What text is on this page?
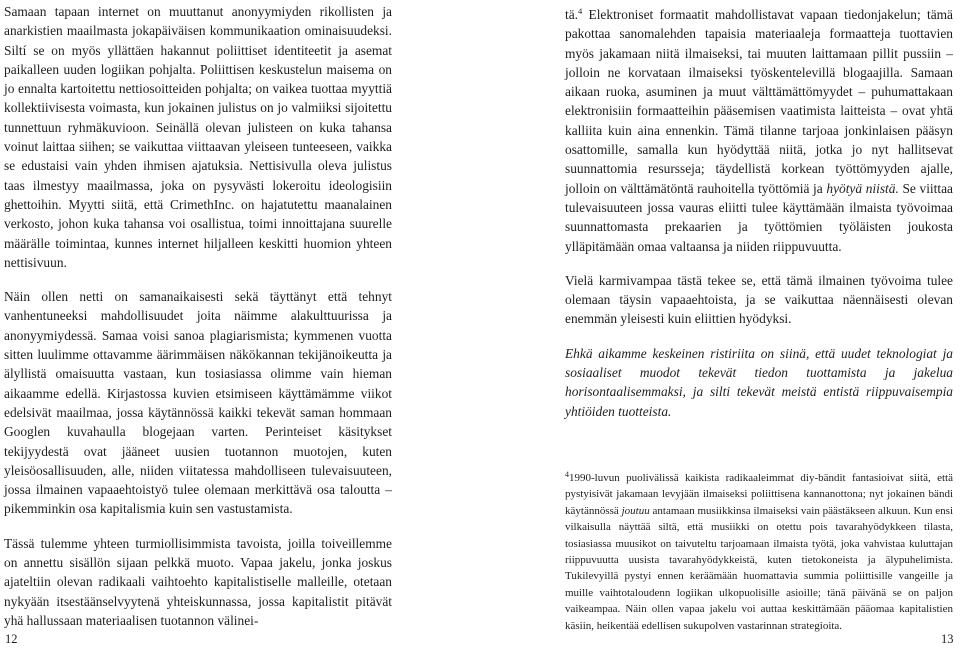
Samaan tapaan internet on muuttanut anonyymiyden rikollisten ja anarkistien maailmasta jokapäiväisen kommunikaation ominaisuudeksi. Siltí se on myös yllättäen hakannut poliittiset identiteetit ja asemat paikalleen uuden logiikan pohjalta. Poliittisen keskustelun maisema on jo ennalta kartoitettu nettiosoitteiden pohjalta; on vaikea tuottaa myyttiä kollektiivisesta voimasta, kun jokainen julistus on jo valmiiksi sijoitettu tunnettuun ryhmäkuvioon. Seinällä olevan julisteen on kuka tahansa voinut laittaa siihen; se vaikuttaa viittaavan yleiseen tunteeseen, vaikka se edustaisi vain yhden ihmisen ajatuksia. Nettisivulla oleva julistus taas ilmestyy maailmassa, joka on pysyvästi lokeroitu ideologisiin ghettoihin. Myytti siitä, että CrimethInc. on hajatutettu maanalainen verkosto, johon kuka tahansa voi osallistua, toimi innoittajana suurelle määrälle toimintaa, kunnes internet hiljalleen keskitti huomion yhteen nettisivuun.

Näin ollen netti on samanaikaisesti sekä täyttänyt että tehnyt vanhentuneeksi mahdollisuudet joita näimme alakulttuurissa ja anonyymiydessä. Samaa voisi sanoa plagiarismista; kymmenen vuotta sitten luulimme ottavamme äärimmäisen näkökannan tekijänoikeutta ja älyllistä omaisuutta vastaan, kun tosiasiassa olimme vain hieman aikaamme edellä. Kirjastossa kuvien etsimiseen käyttämämme viikot edelsivät maailmaa, jossa käytännössä kaikki tekevät saman hommaan Googlen kuvahaulla blogejaan varten. Perinteiset käsitykset tekijyydestä ovat jääneet uusien tuotannon muotojen, kuten yleisöosallisuuden, alle, niiden viitatessa mahdolliseen tulevaisuuteen, jossa ilmainen vapaaehtoistyö tulee olemaan merkittävä osa taloutta – pikemminkin osa kapitalismia kuin sen vastustamista.

Tässä tulemme yhteen turmiollisimmista tavoista, joilla toiveillemme on annettu sisällön sijaan pelkkä muoto. Vapaa jakelu, jonka joskus ajateltiin olevan radikaali vaihtoehto kapitalistiselle malleille, otetaan nykyään itsestäänselvyytenä yhteiskunnassa, jossa kapitalistit pitävät yhä hallussaan materiaalisen tuotannon välinei-

tä.$^4$ Elektroniset formaatit mahdollistavat vapaan tiedonjakelun; tämä pakottaa sanomalehden tapaisia materiaaleja formaatteja tuottavien myös jakamaan niitä ilmaiseksi, tai muuten laittamaan pillit pussiin – jolloin ne korvataan ilmaiseksi työskentelevillä blogaajilla. Samaan aikaan ruoka, asuminen ja muut välttämättömyydet – puhumattakaan elektronisiin formaatteihin pääsemisen vaatimista laitteista – ovat yhtä kalliita kuin aina ennenkin. Tämä tilanne tarjoaa jonkinlaisen pääsyn osattomille, samalla kun hyödyttää niitä, jotka jo nyt hallitsevat suunnattomia resursseja; täydellistä korkean työttömyyden ajalle, jolloin on välttämätöntä rauhoitella työttömiä ja hyötyä niistä. Se viittaa tulevaisuuteen jossa vauras eliitti tulee käyttämään ilmaista työvoimaa suunnattomasta prekaarien ja työttömien työläisten joukosta ylläpitämään omaa valtaansa ja niiden riippuvuutta.

Vielä karmivampaa tästä tekee se, että tämä ilmainen työvoima tulee olemaan täysin vapaaehtoista, ja se vaikuttaa näennäisesti olevan enemmän yleisesti kuin eliittien hyödyksi.

Ehkä aikamme keskeinen ristiriita on siinä, että uudet teknologiat ja sosiaaliset muodot tekevät tiedon tuottamista ja jakelua horisontaalisemmaksi, ja silti tekevät meistä entistä riippuvaisempia yhtiöiden tuotteista.

$^4$1990-luvun puolivälissä kaikista radikaaleimmat diy-bändit fantasioivat siitä, että pystyisivät jakamaan levyjään ilmaiseksi poliittisena kannanottona; nyt jokainen bändi käytännössä joutuu antamaan musiikkinsa ilmaiseksi vain päästäkseen alkuun. Kun ensi vilkaisulla näyttää siltä, että musiikki on otettu pois tavarahyödykkeen tilasta, tosiasiassa muusikot on taivuteltu tarjoamaan ilmaista työtä, joka vahvistaa kuluttajan riippuvuutta uusista tavarahyödykkeistä, kuten tietokoneista ja älypuhelimista. Tukilevyillä pystyi ennen keräämään huomattavia summia poliittisille vangeille ja muille vaihtotaloudenn logiikan ulkopuolisille asioille; tänä päivänä se on paljon vaikeampaa. Näin ollen vapaa jakelu voi auttaa keskittämään pääomaa kapitalistien käsiin, heikentää edellisen sukupolven vastarinnan strategioita.
12	13
